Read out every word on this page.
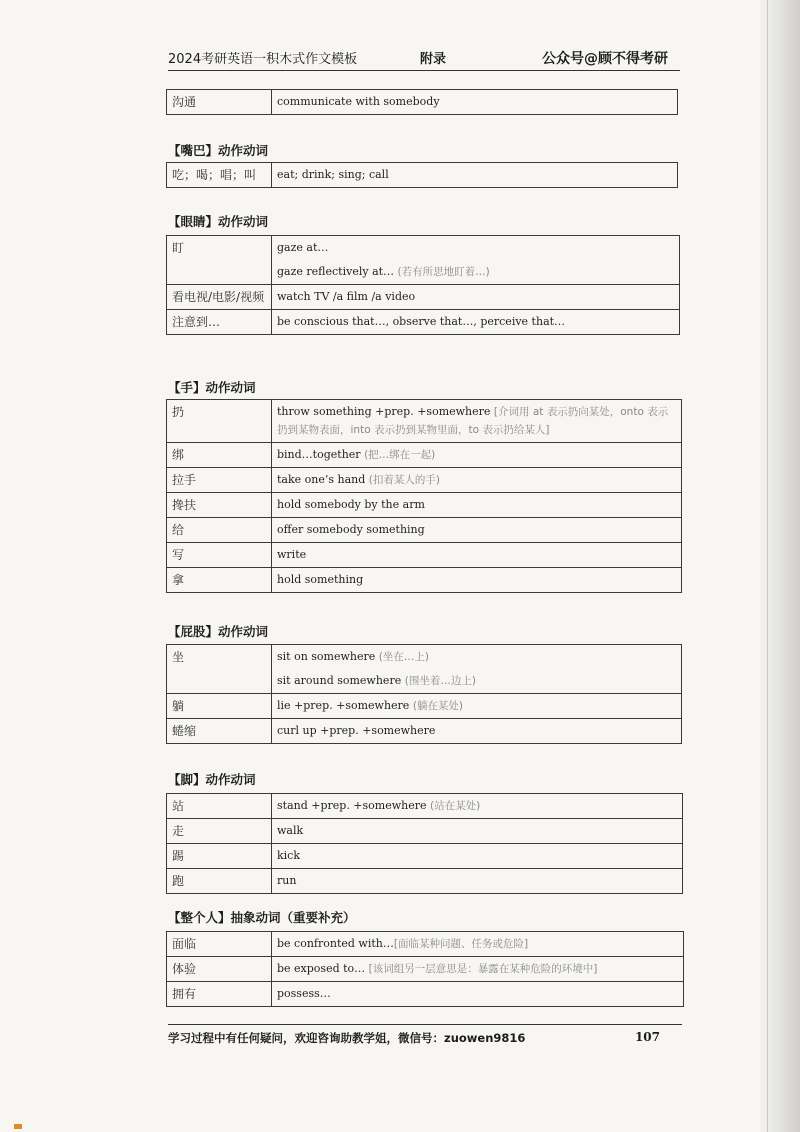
2024考研英语一积木式作文模板	附录	公众号@顾不得考研
沟通	communicate with somebody
【嘴巴】动作动词
吃；喝；唱；叫	eat; drink; sing; call
【眼睛】动作动词
盯	gaze at…
gaze reflectively at… (若有所思地盯着…)

看电视/电影/视频	watch TV /a film /a video
注意到…	be conscious that…, observe that…, perceive that…
【手】动作动词
扔	throw something +prep. +somewhere [介词用 at 表示扔向某处，onto 表示扔到某物表面，into 表示扔到某物里面，to 表示扔给某人]
绑	bind…together (把…绑在一起)
拉手	take one’s hand (扣着某人的手)
搀扶	hold somebody by the arm
给	offer somebody something
写	write
拿	hold something
【屁股】动作动词
坐	sit on somewhere (坐在…上)
sit around somewhere (围坐着…边上)

躺	lie +prep. +somewhere (躺在某处)
蜷缩	curl up +prep. +somewhere
【脚】动作动词
站	stand +prep. +somewhere (站在某处)
走	walk
踢	kick
跑	run
【整个人】抽象动词（重要补充）
面临	be confronted with…[面临某种问题、任务或危险]
体验	be exposed to… [该词组另一层意思是：暴露在某种危险的环境中]
拥有	possess…
学习过程中有任何疑问，欢迎咨询助教学姐，微信号：zuowen9816	107
